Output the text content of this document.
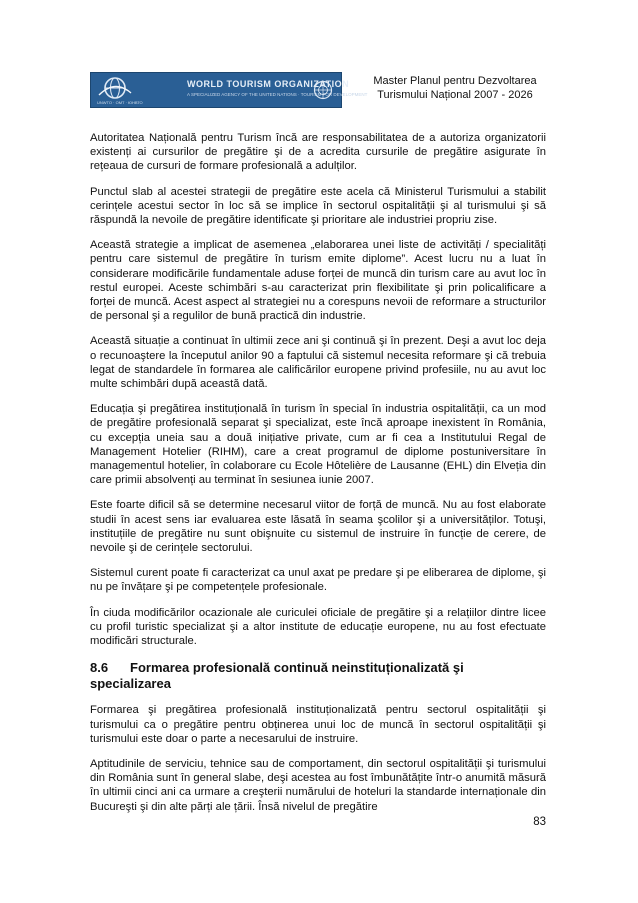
WORLD TOURISM ORGANIZATION
A SPECIALIZED AGENCY OF THE UNITED NATIONS · TOURISM FOR DEVELOPMENT
UNWTO · OMT · ЮНВТО
Master Planul pentru Dezvoltarea
Turismului Național 2007 - 2026

Autoritatea Națională pentru Turism încă are responsabilitatea de a autoriza organizatorii existenți ai cursurilor de pregătire şi de a acredita cursurile de pregătire asigurate în rețeaua de cursuri de formare profesională a adulților.

Punctul slab al acestei strategii de pregătire este acela că Ministerul Turismului a stabilit cerințele acestui sector în loc să se implice în sectorul ospitalității şi al turismului şi să răspundă la nevoile de pregătire identificate şi prioritare ale industriei propriu zise.

Această strategie a implicat de asemenea „elaborarea unei liste de activități / specialități pentru care sistemul de pregătire în turism emite diplome”. Acest lucru nu a luat în considerare modificările fundamentale aduse forței de muncă din turism care au avut loc în restul europei. Aceste schimbări s-au caracterizat prin flexibilitate şi prin policalificare a forței de muncă. Acest aspect al strategiei nu a corespuns nevoii de reformare a structurilor de personal şi a regulilor de bună practică din industrie.

Această situație a continuat în ultimii zece ani şi continuă şi în prezent. Deşi a avut loc deja o recunoaştere la începutul anilor 90 a faptului că sistemul necesita reformare şi că trebuia legat de standardele în formarea ale calificărilor europene privind profesiile, nu au avut loc multe schimbări după această dată.

Educația şi pregătirea instituțională în turism în special în industria ospitalității, ca un mod de pregătire profesională separat şi specializat, este încă aproape inexistent în România, cu excepția uneia sau a două inițiative private, cum ar fi cea a Institutului Regal de Management Hotelier (RIHM), care a creat programul de diplome postuniversitare în managementul hotelier, în colaborare cu Ecole Hôtelière de Lausanne (EHL) din Elveția din care primii absolvenți au terminat în sesiunea iunie 2007.

Este foarte dificil să se determine necesarul viitor de forță de muncă. Nu au fost elaborate studii în acest sens iar evaluarea este lăsată în seama şcolilor şi a universităților. Totuşi, instituțiile de pregătire nu sunt obişnuite cu sistemul de instruire în funcție de cerere, de nevoile şi de cerințele sectorului.

Sistemul curent poate fi caracterizat ca unul axat pe predare şi pe eliberarea de diplome, şi nu pe învățare şi pe competențele profesionale.

În ciuda modificărilor ocazionale ale curiculei oficiale de pregătire şi a relațiilor dintre licee cu profil turistic specializat şi a altor institute de educație europene, nu au fost efectuate modificări structurale.

8.6 Formarea profesională continuă neinstituționalizată şi specializarea

Formarea şi pregătirea profesională instituționalizată pentru sectorul ospitalității şi turismului ca o pregătire pentru obținerea unui loc de muncă în sectorul ospitalității şi turismului este doar o parte a necesarului de instruire.

Aptitudinile de serviciu, tehnice sau de comportament, din sectorul ospitalității şi turismului din România sunt în general slabe, deşi acestea au fost îmbunătățite într-o anumită măsură în ultimii cinci ani ca urmare a creşterii numărului de hoteluri la standarde internaționale din Bucureşti şi din alte părți ale țării. Însă nivelul de pregătire

83
